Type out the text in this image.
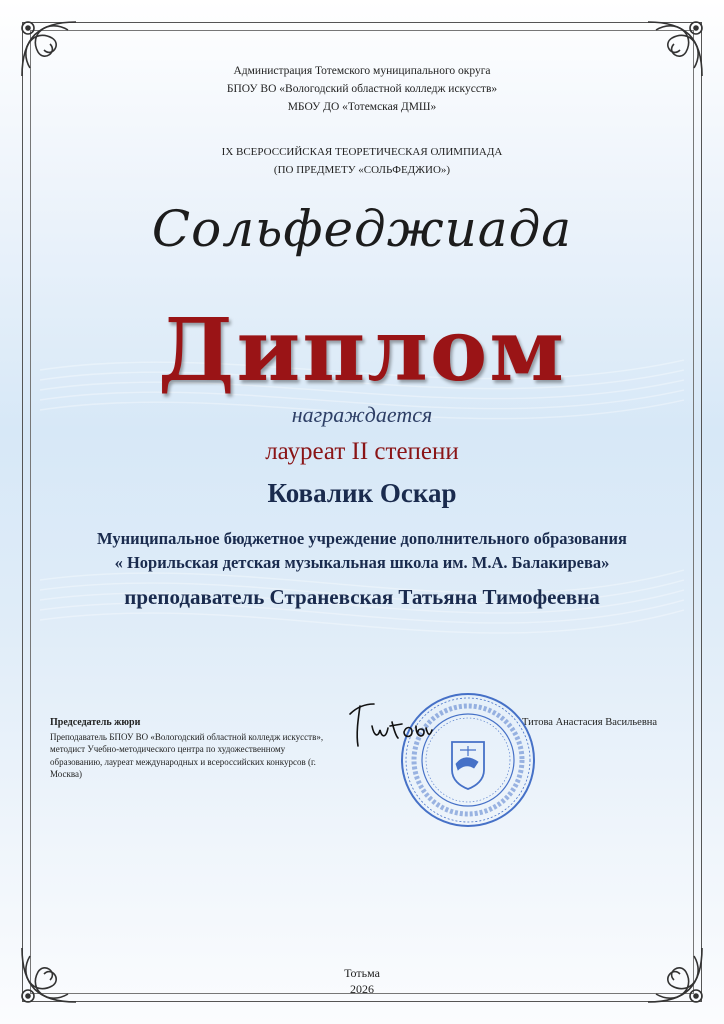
Администрация Тотемского муниципального округа
БПОУ ВО «Вологодский областной колледж искусств»
МБОУ ДО «Тотемская ДМШ»
IX ВСЕРОССИЙСКАЯ ТЕОРЕТИЧЕСКАЯ ОЛИМПИАДА
(ПО ПРЕДМЕТУ «СОЛЬФЕДЖИО»)
Сольфеджиада
Диплом
награждается
лауреат II степени
Ковалик Оскар
Муниципальное бюджетное учреждение дополнительного образования
« Норильская детская музыкальная школа им. М.А. Балакирева»
преподаватель Страневская Татьяна Тимофеевна
Председатель жюри
Преподаватель БПОУ ВО «Вологодский областной колледж искусств», методист Учебно-методического центра по художественному образованию, лауреат международных и всероссийских конкурсов (г. Москва)
Титова Анастасия Васильевна
Тотьма
2026
